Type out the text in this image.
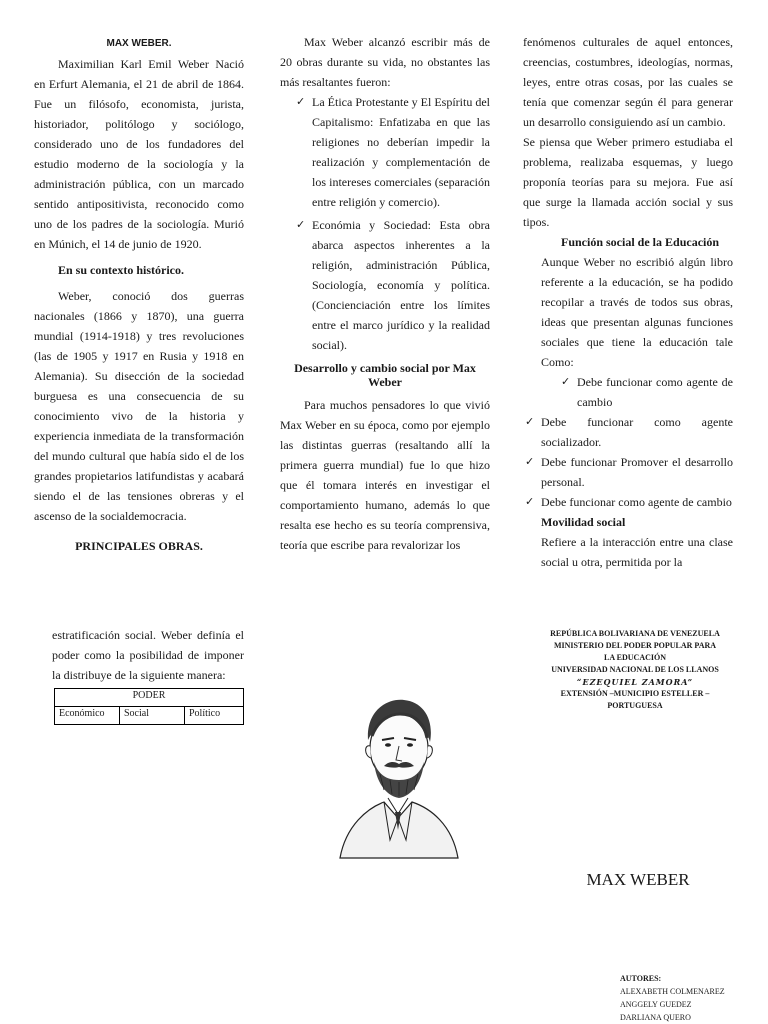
MAX WEBER.

Maximilian Karl Emil Weber Nació en Erfurt Alemania, el 21 de abril de 1864. Fue un filósofo, economista, jurista, historiador, politólogo y sociólogo, considerado uno de los fundadores del estudio moderno de la sociología y la administración pública, con un marcado sentido antipositivista, reconocido como uno de los padres de la sociología. Murió en Múnich, el 14 de junio de 1920.

En su contexto histórico.

Weber, conoció dos guerras nacionales (1866 y 1870), una guerra mundial (1914-1918) y tres revoluciones (las de 1905 y 1917 en Rusia y 1918 en Alemania). Su disección de la sociedad burguesa es una consecuencia de su conocimiento vivo de la historia y experiencia inmediata de la transformación del mundo cultural que había sido el de los grandes propietarios latifundistas y acabará siendo el de las tensiones obreras y el ascenso de la socialdemocracia.

PRINCIPALES OBRAS.

Max Weber alcanzó escribir más de 20 obras durante su vida, no obstantes las más resaltantes fueron:

✓ La Ética Protestante y El Espíritu del Capitalismo: Enfatizaba en que las religiones no deberían impedir la realización y complementación de los intereses comerciales (separación entre religión y comercio).
✓ Económia y Sociedad: Esta obra abarca aspectos inherentes a la religión, administración Pública, Sociología, economía y política. (Concienciación entre los límites entre el marco jurídico y la realidad social).

Desarrollo y cambio social por Max Weber

Para muchos pensadores lo que vivió Max Weber en su época, como por ejemplo las distintas guerras (resaltando allí la primera guerra mundial) fue lo que hizo que él tomara interés en investigar el comportamiento humano, además lo que resalta ese hecho es su teoría comprensiva, teoría que escribe para revalorizar los

fenómenos culturales de aquel entonces, creencias, costumbres, ideologías, normas, leyes, entre otras cosas, por las cuales se tenía que comenzar según él para generar un desarrollo consiguiendo así un cambio.

Se piensa que Weber primero estudiaba el problema, realizaba esquemas, y luego proponía teorías para su mejora. Fue así que surge la llamada acción social y sus tipos.

Función social de la Educación

Aunque Weber no escribió algún libro referente a la educación, se ha podido recopilar a través de todos sus obras, ideas que presentan algunas funciones sociales que tiene la educación tale Como:

✓ Debe funcionar como agente de cambio
✓ Debe funcionar como agente socializador.
✓ Debe funcionar Promover el desarrollo personal.
✓ Debe funcionar como agente de cambio

Movilidad social

Refiere a la interacción entre una clase social u otra, permitida por la

estratificación social. Weber definía el poder como la posibilidad de imponer la distribuye de la siguiente manera:

PODER
Económico	Social	Político
REPÚBLICA BOLIVARIANA DE VENEZUELA
MINISTERIO DEL PODER POPULAR PARA LA EDUCACIÓN
UNIVERSIDAD NACIONAL DE LOS LLANOS
“EZEQUIEL ZAMORA”
EXTENSIÓN –MUNICIPIO ESTELLER – PORTUGUESA
MAX WEBER
AUTORES:
ALEXABETH COLMENAREZ
ANGGELY GUEDEZ
DARLIANA QUERO
